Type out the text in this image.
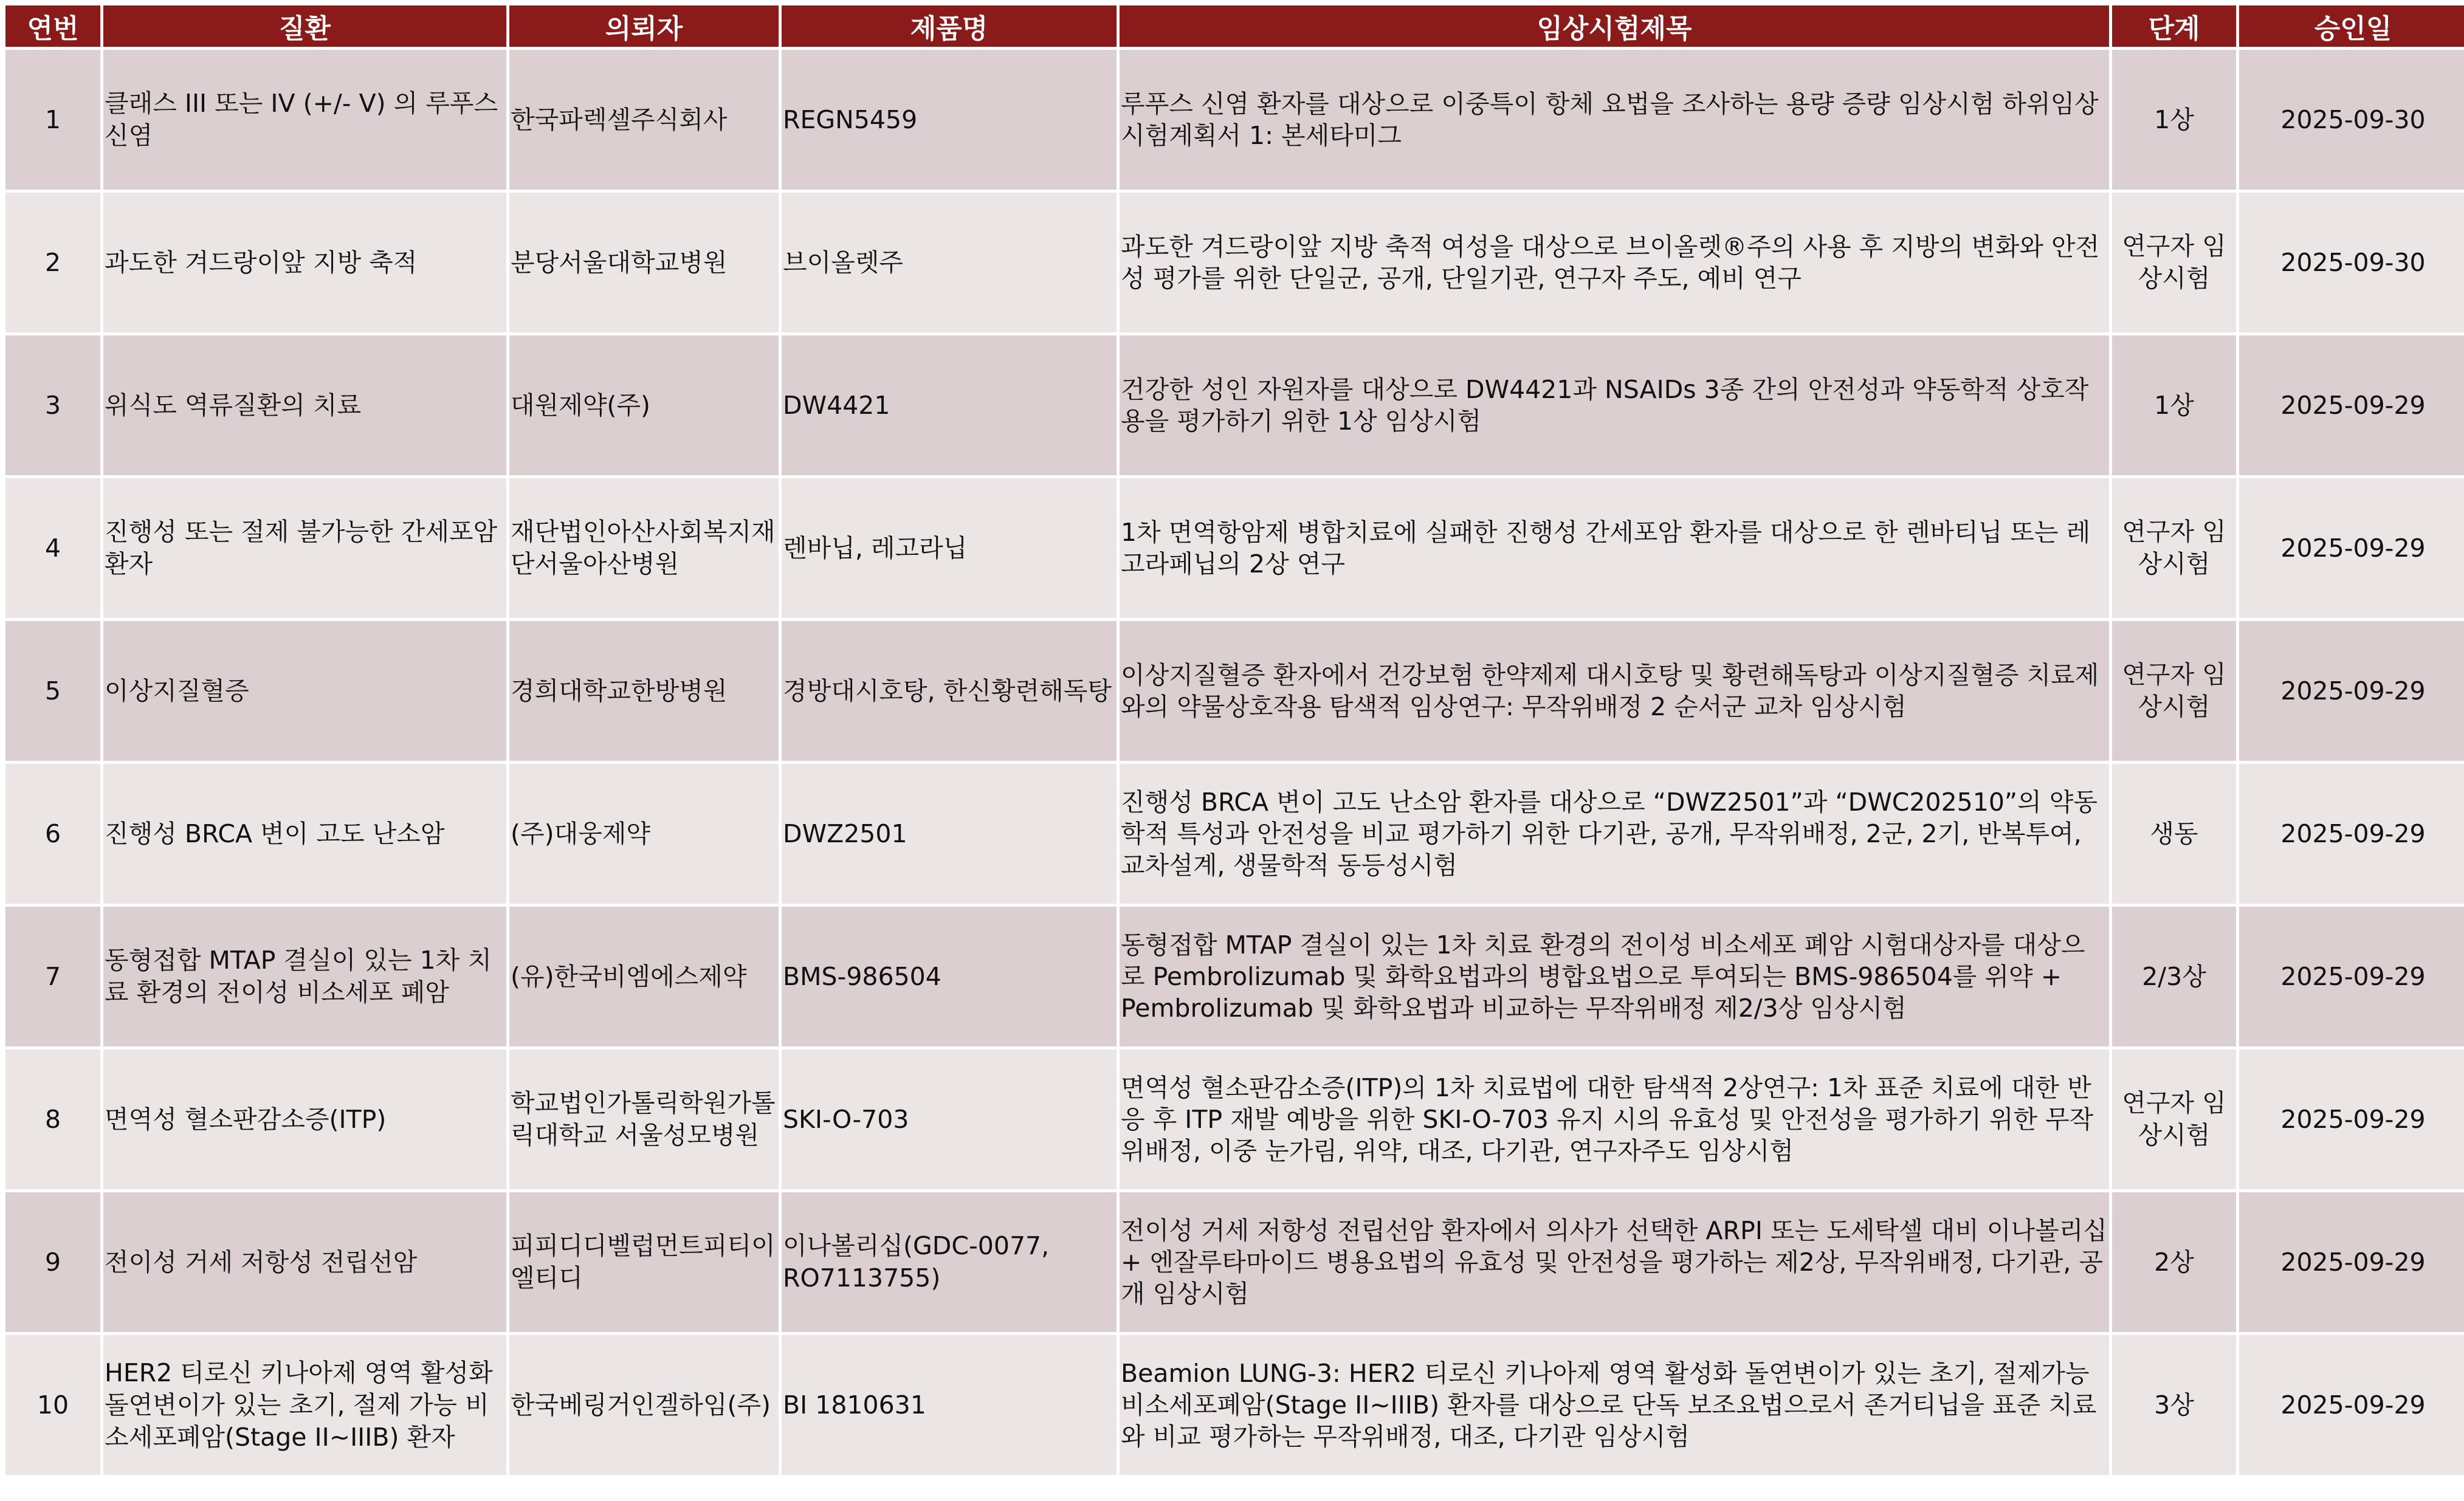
연번	질환	의뢰자	제품명	임상시험제목	단계	승인일
1	클래스 III 또는 IV (+/- V) 의 루푸스 신염	한국파렉셀주식회사	REGN5459	루푸스 신염 환자를 대상으로 이중특이 항체 요법을 조사하는 용량 증량 임상시험 하위임상시험계획서 1: 본세타미그	1상	2025-09-30
2	과도한 겨드랑이앞 지방 축적	분당서울대학교병원	브이올렛주	과도한 겨드랑이앞 지방 축적 여성을 대상으로 브이올렛®주의 사용 후 지방의 변화와 안전성 평가를 위한 단일군, 공개, 단일기관, 연구자 주도, 예비 연구	연구자 임상시험	2025-09-30
3	위식도 역류질환의 치료	대원제약(주)	DW4421	건강한 성인 자원자를 대상으로 DW4421과 NSAIDs 3종 간의 안전성과 약동학적 상호작용을 평가하기 위한 1상 임상시험	1상	2025-09-29
4	진행성 또는 절제 불가능한 간세포암 환자	재단법인아산사회복지재단서울아산병원	렌바닙, 레고라닙	1차 면역항암제 병합치료에 실패한 진행성 간세포암 환자를 대상으로 한 렌바티닙 또는 레고라페닙의 2상 연구	연구자 임상시험	2025-09-29
5	이상지질혈증	경희대학교한방병원	경방대시호탕, 한신황련해독탕	이상지질혈증 환자에서 건강보험 한약제제 대시호탕 및 황련해독탕과 이상지질혈증 치료제와의 약물상호작용 탐색적 임상연구: 무작위배정 2 순서군 교차 임상시험	연구자 임상시험	2025-09-29
6	진행성 BRCA 변이 고도 난소암	(주)대웅제약	DWZ2501	진행성 BRCA 변이 고도 난소암 환자를 대상으로 “DWZ2501”과 “DWC202510”의 약동학적 특성과 안전성을 비교 평가하기 위한 다기관, 공개, 무작위배정, 2군, 2기, 반복투여, 교차설계, 생물학적 동등성시험	생동	2025-09-29
7	동형접합 MTAP 결실이 있는 1차 치료 환경의 전이성 비소세포 폐암	(유)한국비엠에스제약	BMS-986504	동형접합 MTAP 결실이 있는 1차 치료 환경의 전이성 비소세포 폐암 시험대상자를 대상으로 Pembrolizumab 및 화학요법과의 병합요법으로 투여되는 BMS-986504를 위약 + Pembrolizumab 및 화학요법과 비교하는 무작위배정 제2/3상 임상시험	2/3상	2025-09-29
8	면역성 혈소판감소증(ITP)	학교법인가톨릭학원가톨릭대학교 서울성모병원	SKI-O-703	면역성 혈소판감소증(ITP)의 1차 치료법에 대한 탐색적 2상연구: 1차 표준 치료에 대한 반응 후 ITP 재발 예방을 위한 SKI-O-703 유지 시의 유효성 및 안전성을 평가하기 위한 무작위배정, 이중 눈가림, 위약, 대조, 다기관, 연구자주도 임상시험	연구자 임상시험	2025-09-29
9	전이성 거세 저항성 전립선암	피피디디벨럽먼트피티이엘티디	이나볼리십(GDC-0077, RO7113755)	전이성 거세 저항성 전립선암 환자에서 의사가 선택한 ARPI 또는 도세탁셀 대비 이나볼리십 + 엔잘루타마이드 병용요법의 유효성 및 안전성을 평가하는 제2상, 무작위배정, 다기관, 공개 임상시험	2상	2025-09-29
10	HER2 티로신 키나아제 영역 활성화 돌연변이가 있는 초기, 절제 가능 비소세포폐암(Stage II~IIIB) 환자	한국베링거인겔하임(주)	BI 1810631	Beamion LUNG-3: HER2 티로신 키나아제 영역 활성화 돌연변이가 있는 초기, 절제가능 비소세포폐암(Stage II~IIIB) 환자를 대상으로 단독 보조요법으로서 존거티닙을 표준 치료와 비교 평가하는 무작위배정, 대조, 다기관 임상시험	3상	2025-09-29
